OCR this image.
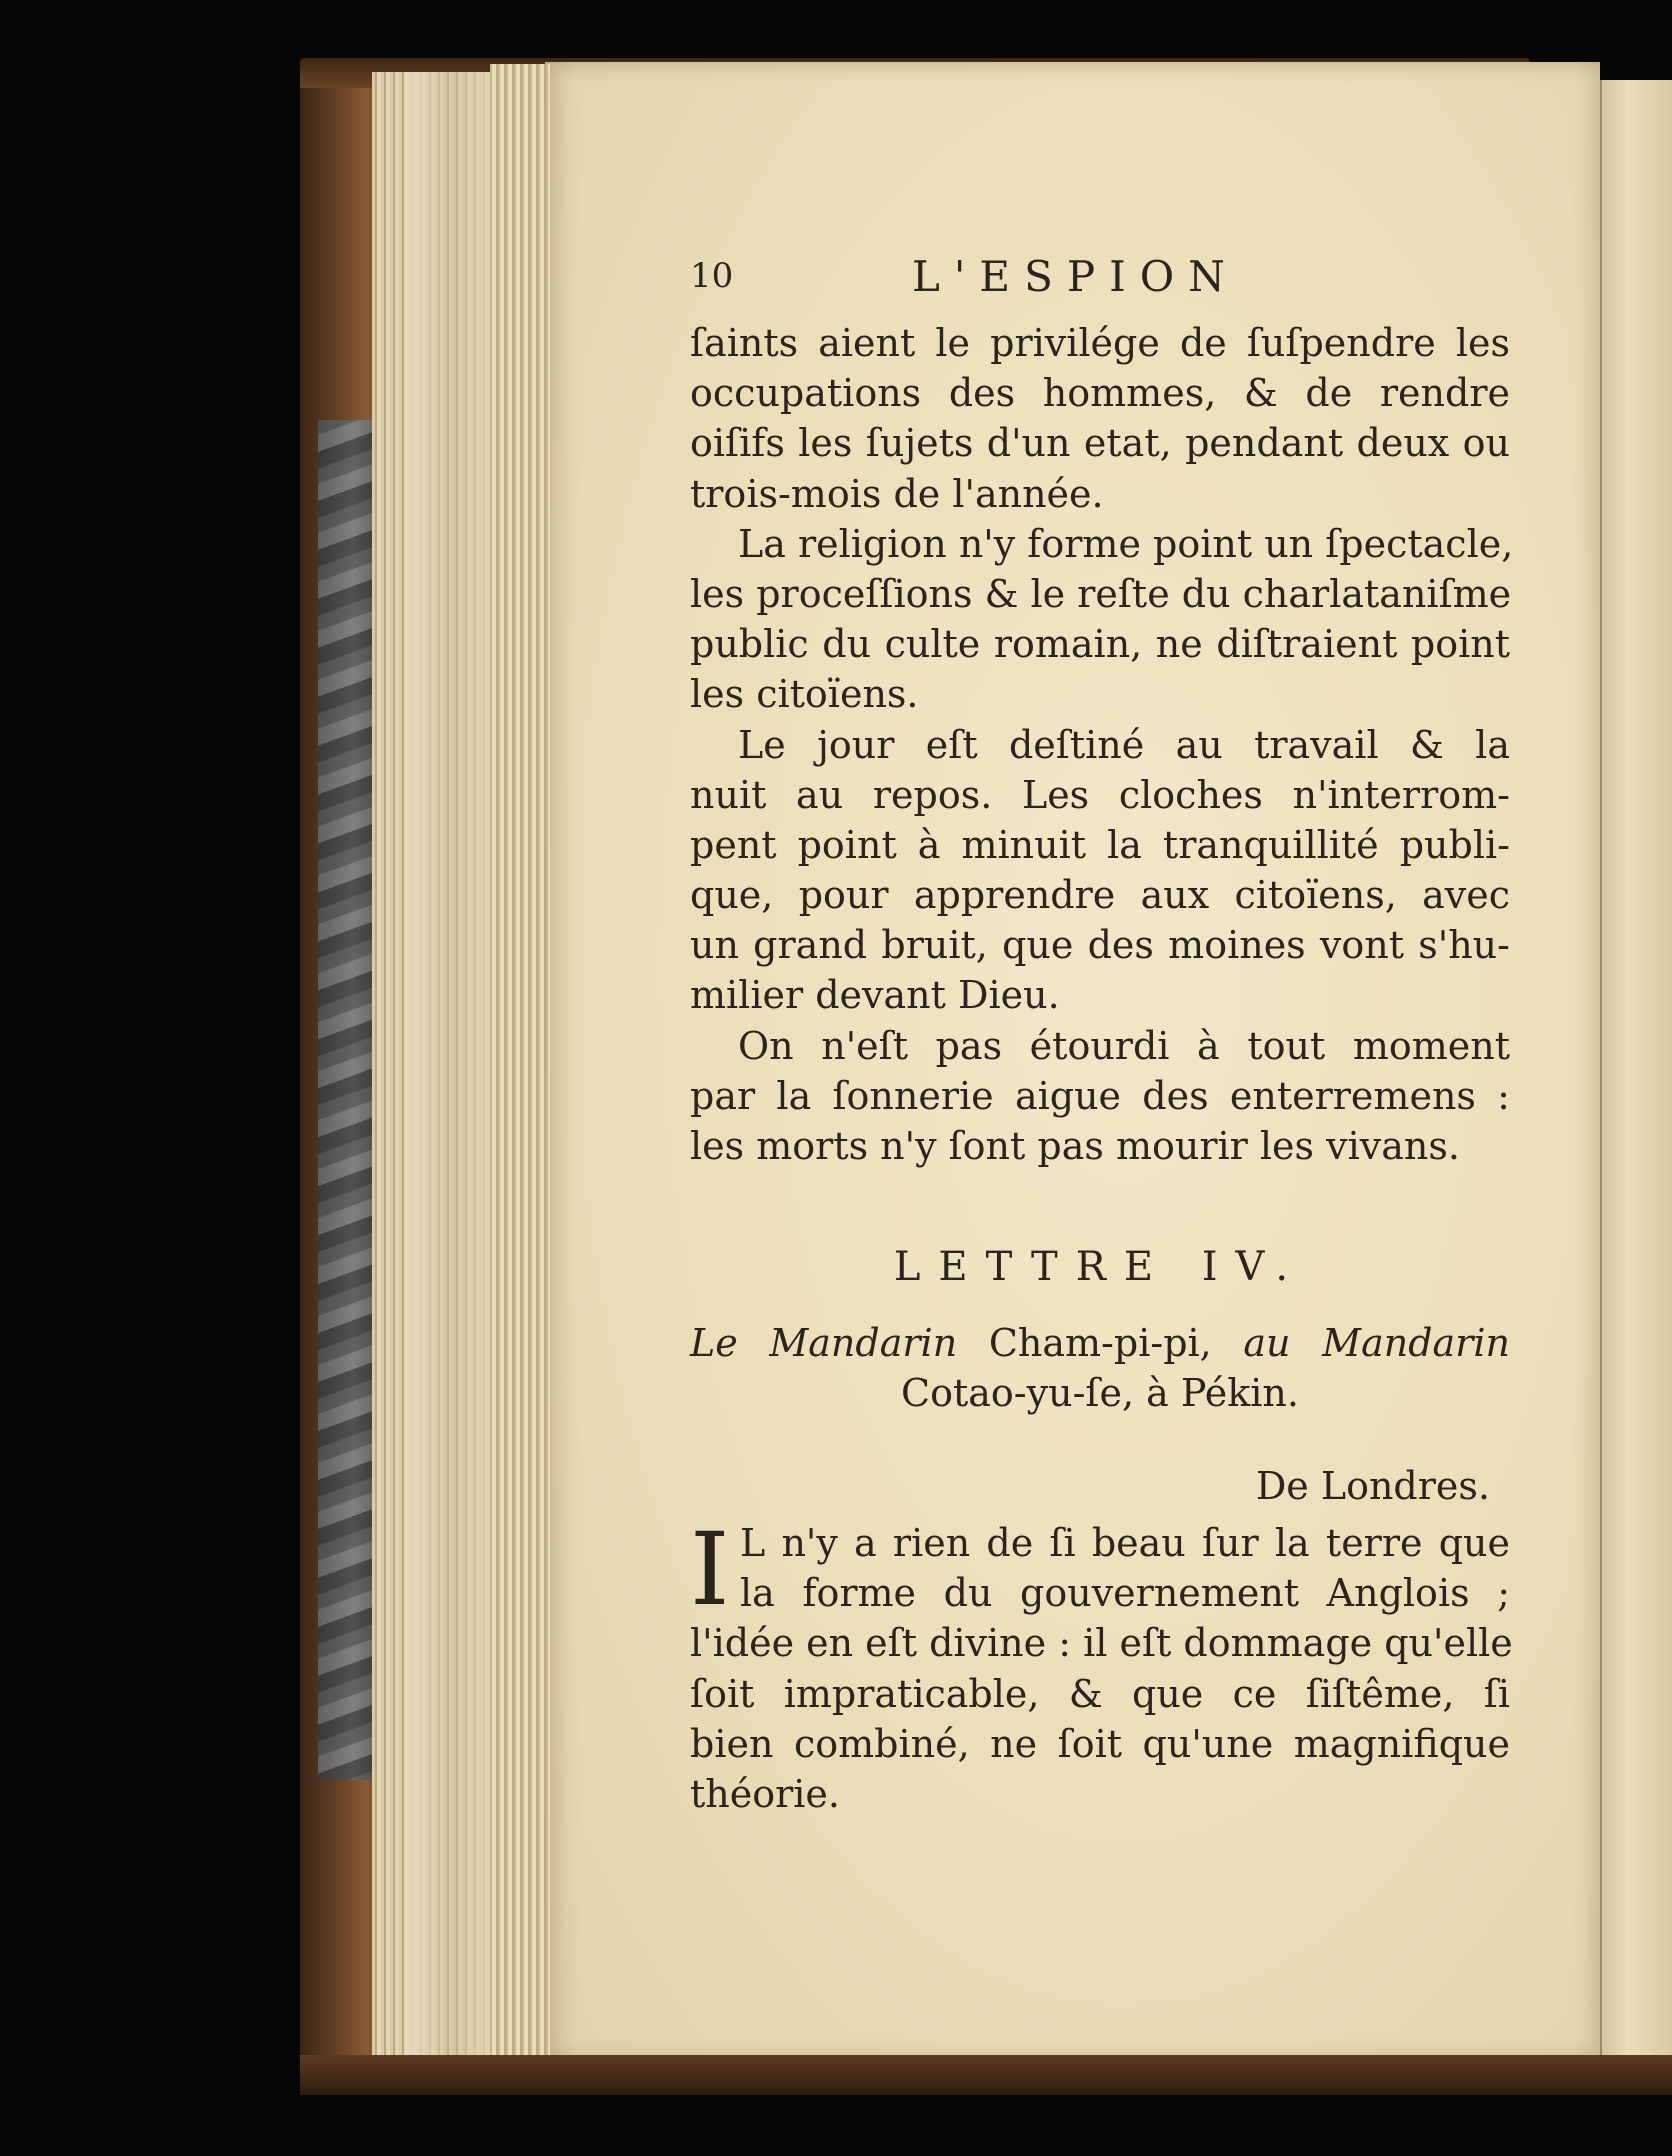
10	L'ESPION
ſaints aient le privilége de ſuſpendre les
occupations des hommes, & de rendre
oiſifs les ſujets d'un etat, pendant deux ou
trois-mois de l'année.
La religion n'y forme point un ſpectacle,
les proceſſions & le reſte du charlataniſme
public du culte romain, ne diſtraient point
les citoïens.
Le jour eſt deſtiné au travail & la
nuit au repos. Les cloches n'interrom-
pent point à minuit la tranquillité publi-
que, pour apprendre aux citoïens, avec
un grand bruit, que des moines vont s'hu-
milier devant Dieu.
On n'eſt pas étourdi à tout moment
par la ſonnerie aigue des enterremens :
les morts n'y ſont pas mourir les vivans.
LETTRE IV.
Le Mandarin Cham-pi-pi, au Mandarin
Cotao-yu-ſe, à Pékin.
De Londres.
I L n'y a rien de ſi beau ſur la terre que
la forme du gouvernement Anglois ;
l'idée en eſt divine : il eſt dommage qu'elle
ſoit impraticable, & que ce ſiſtême, ſi
bien combiné, ne ſoit qu'une magnifique
théorie.
